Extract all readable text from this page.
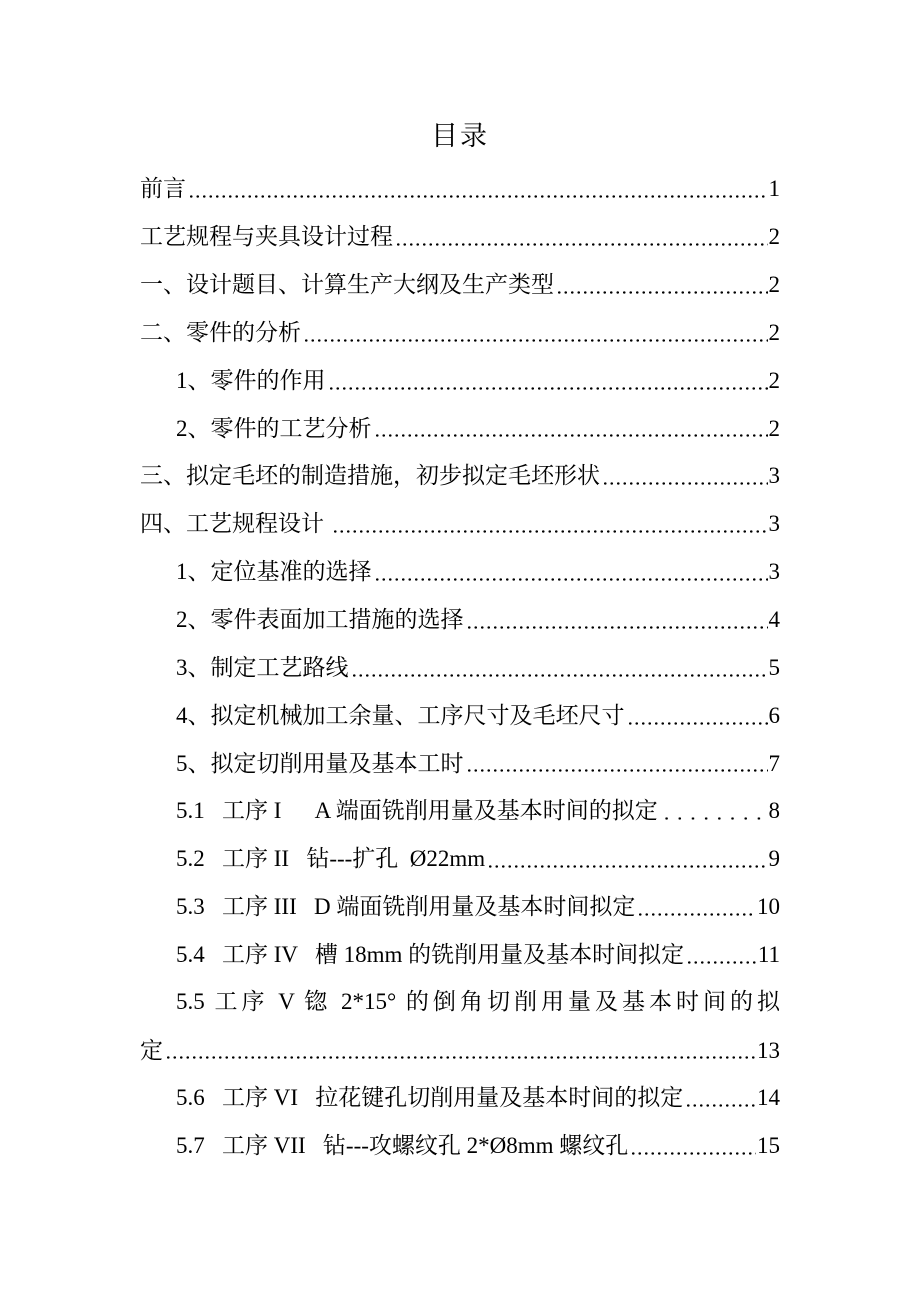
目录
前言	1
工艺规程与夹具设计过程	2
一、设计题目、计算生产大纲及生产类型	2
二、零件的分析	2
1、零件的作用	2
2、零件的工艺分析	2
三、拟定毛坯的制造措施，初步拟定毛坯形状	3
四、工艺规程设计	3
1、定位基准的选择	3
2、零件表面加工措施的选择	4
3、制定工艺路线	5
4、拟定机械加工余量、工序尺寸及毛坯尺寸	6
5、拟定切削用量及基本工时	7
5.1   工序 I      A 端面铣削用量及基本时间的拟定	8
5.2   工序 II   钻---扩孔  Ø22mm	9
5.3   工序 III   D 端面铣削用量及基本时间拟定	10
5.4   工序 IV   槽 18mm 的铣削用量及基本时间拟定	11
5.5 工序 V 锪 2*15° 的倒角切削用量及基本时间的拟
定	13
5.6   工序 VI   拉花键孔切削用量及基本时间的拟定	14
5.7   工序 VII   钻---攻螺纹孔 2*Ø8mm 螺纹孔	15
